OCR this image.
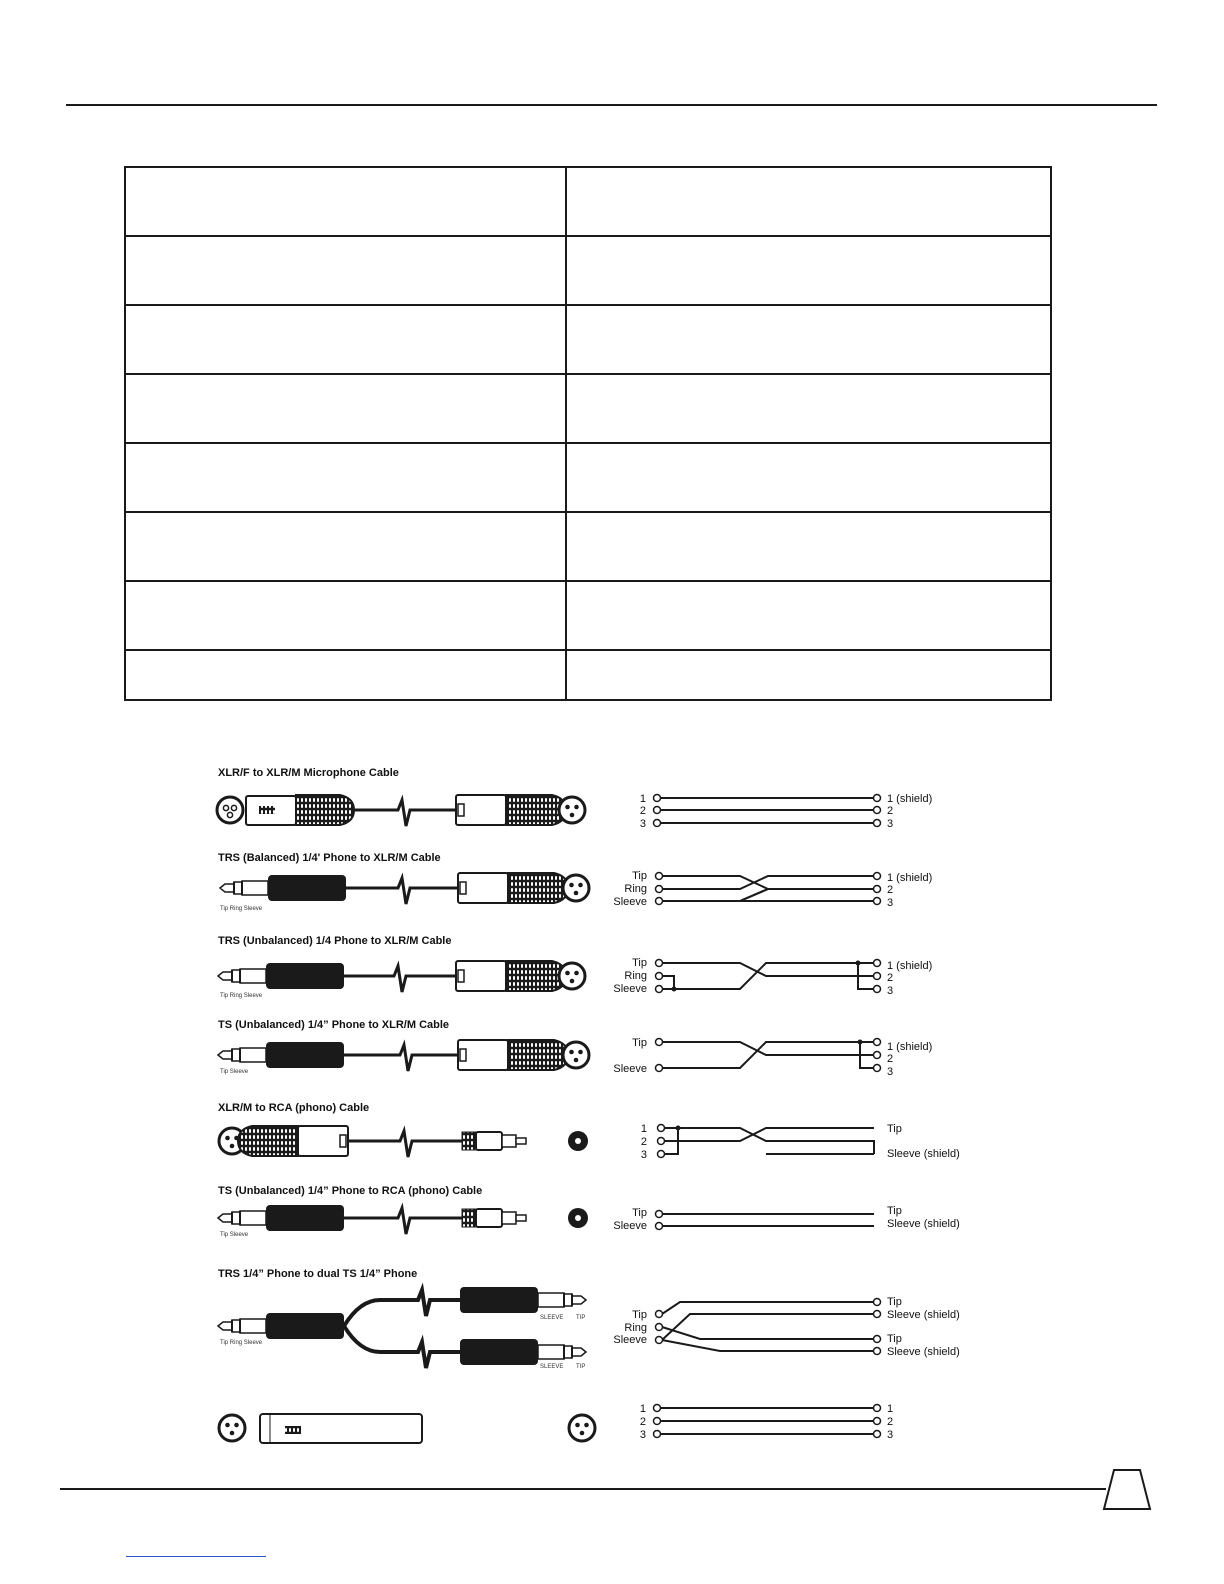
XLR/F to XLR/M Microphone Cable
TRS (Balanced) 1/4' Phone to XLR/M Cable
TRS (Unbalanced) 1/4 Phone to XLR/M Cable
TS (Unbalanced) 1/4” Phone to XLR/M Cable
XLR/M to RCA (phono) Cable
TS (Unbalanced) 1/4” Phone to RCA (phono) Cable
TRS 1/4” Phone to dual TS 1/4” Phone
Tip Ring Sleeve
Tip Ring Sleeve
Tip Sleeve
Tip Sleeve
Tip Ring Sleeve
SLEEVE TIP
SLEEVE TIP
1
2
3
1 (shield)
2
3
Tip
Ring
Sleeve
1 (shield)
2
3
Tip
Ring
Sleeve
1 (shield)
2
3
Tip
Sleeve
1 (shield)
2
3
1
2
3
Tip
Sleeve (shield)
Tip
Sleeve
Tip
Sleeve (shield)
Tip
Ring
Sleeve
Tip
Sleeve (shield)
Tip
Sleeve (shield)
1
2
3
1
2
3
